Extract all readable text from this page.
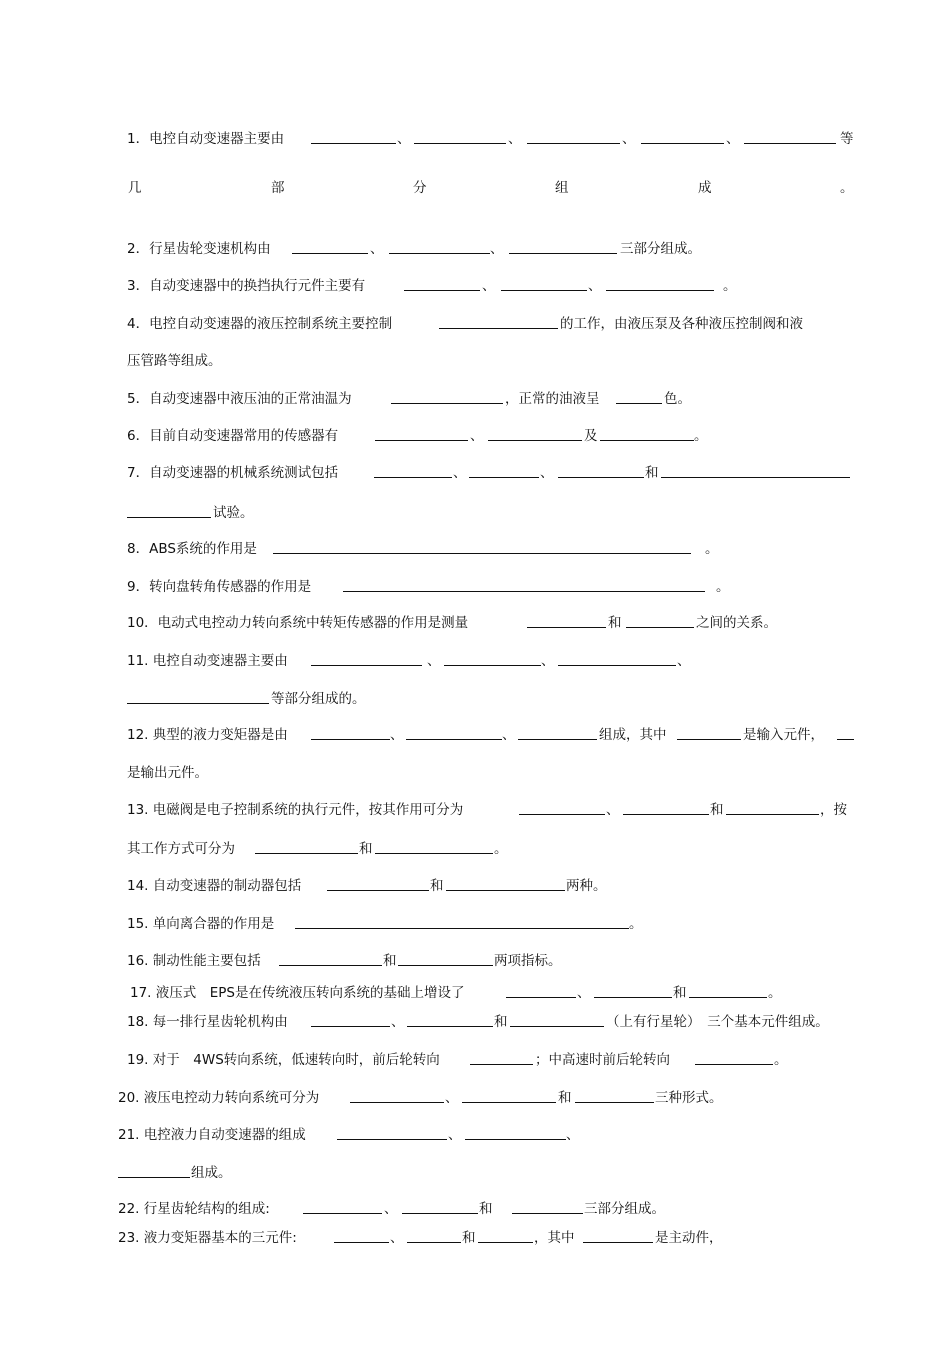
1．电控自动变速器主要由	、	、	、	、	等
几	部	分	组	成	。
2．行星齿轮变速机构由	、	、	三部分组成。
3．自动变速器中的换挡执行元件主要有	、	、	。
4．电控自动变速器的液压控制系统主要控制	的工作，由液压泵及各种液压控制阀和液
压管路等组成。
5．自动变速器中液压油的正常油温为	，正常的油液呈	色。
6．目前自动变速器常用的传感器有	、	及	。
7．自动变速器的机械系统测试包括	、	、	和
试验。
8．ABS系统的作用是	。
9．转向盘转角传感器的作用是	。
10．电动式电控动力转向系统中转矩传感器的作用是测量	和	之间的关系。
11. 电控自动变速器主要由	、	、	、
等部分组成的。
12. 典型的液力变矩器是由	、	、	组成，其中	是输入元件，
是输出元件。
13. 电磁阀是电子控制系统的执行元件，按其作用可分为	、	和	，按
其工作方式可分为	和	。
14. 自动变速器的制动器包括	和	两种。
15. 单向离合器的作用是	。
16. 制动性能主要包括	和	两项指标。
17. 液压式　EPS是在传统液压转向系统的基础上增设了	、	和	。
18. 每一排行星齿轮机构由	、	和	（上有行星轮）　三个基本元件组成。
19. 对于　4WS转向系统，低速转向时，前后轮转向	；中高速时前后轮转向	。
20. 液压电控动力转向系统可分为	、	和	三种形式。
21. 电控液力自动变速器的组成	、	、
组成。
22. 行星齿轮结构的组成:	、	和	三部分组成。
23. 液力变矩器基本的三元件:	、	和	，其中	是主动件，
